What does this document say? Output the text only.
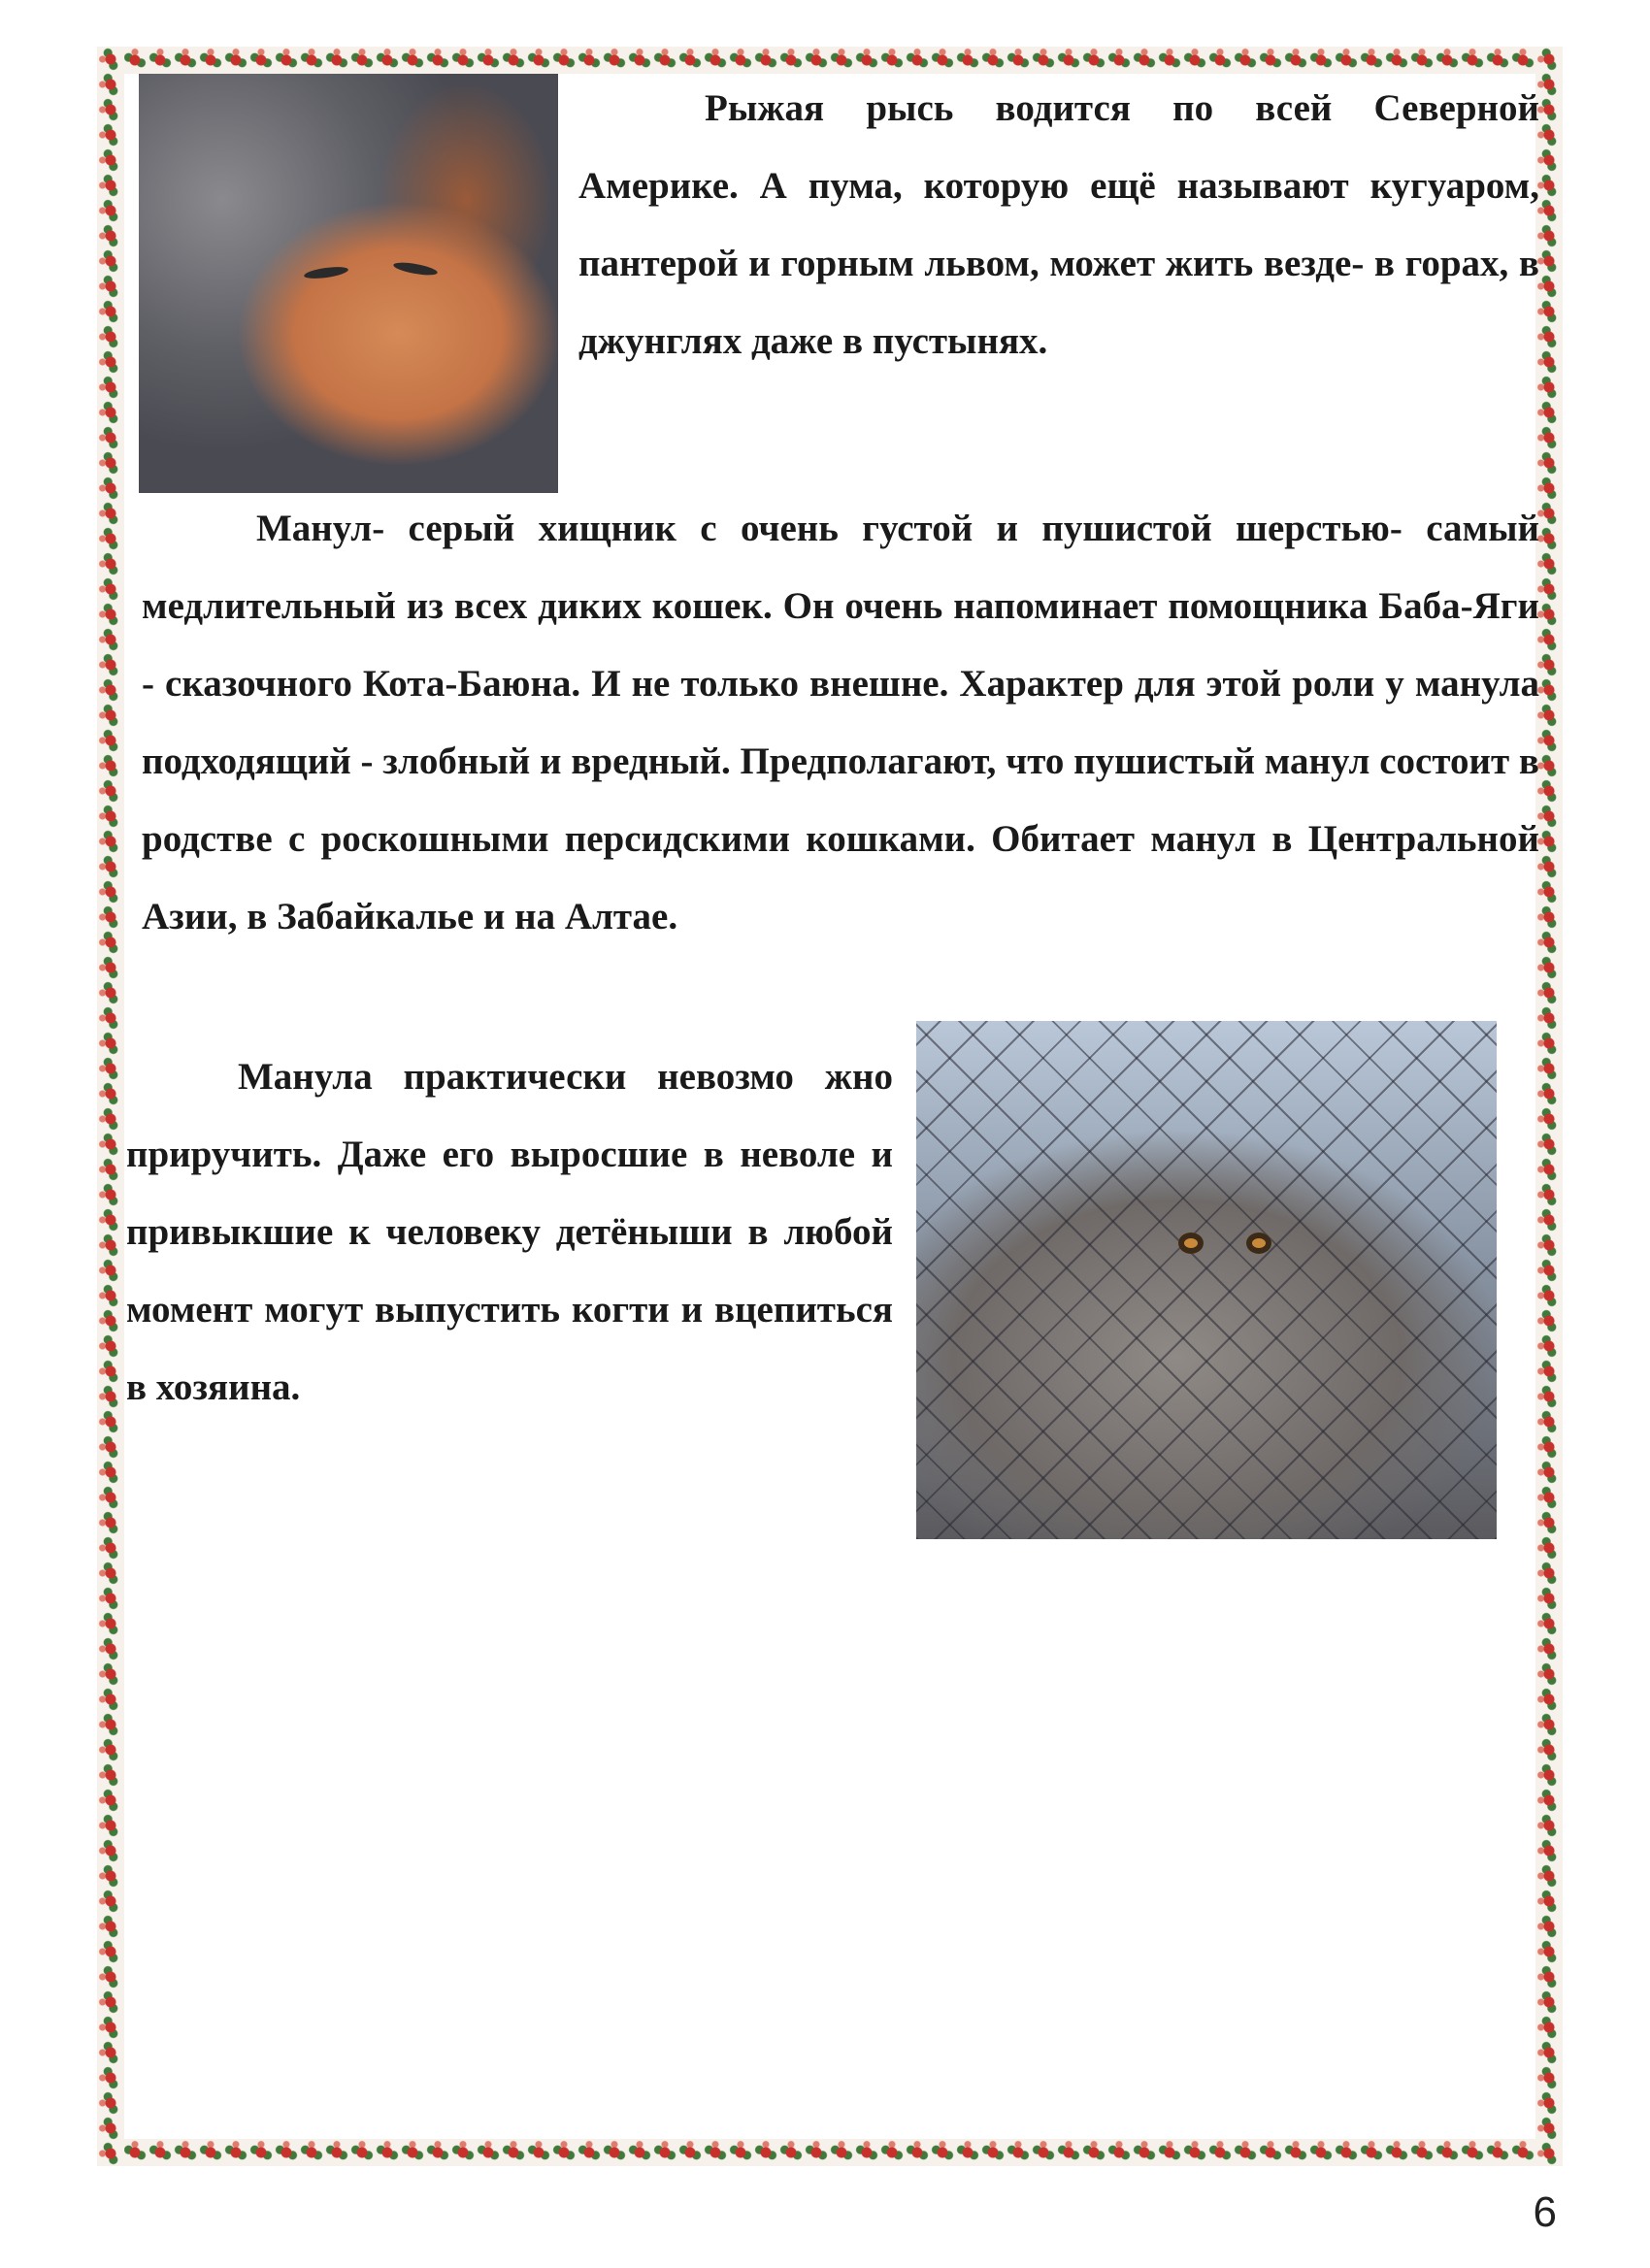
Рыжая рысь водится по всей Северной Америке. А пума, которую ещё называют кугуаром, пантерой и горным львом, может жить везде- в горах, в джунглях даже в пустынях.

Манул- серый хищник с очень густой и пушистой шерстью- самый медлительный из всех диких кошек. Он очень напоминает помощника Баба-Яги - сказочного Кота-Баюна. И не только внешне. Характер для этой роли у манула подходящий - злобный и вредный. Предполагают, что пушистый манул состоит в родстве с роскошными персидскими кошками. Обитает манул в Центральной Азии, в Забайкалье и на Алтае.

Манула практически невозмо жно приручить. Даже его выросшие в неволе и привыкшие к человеку детёныши в любой момент могут выпустить когти и вцепиться в хозяина.

6
